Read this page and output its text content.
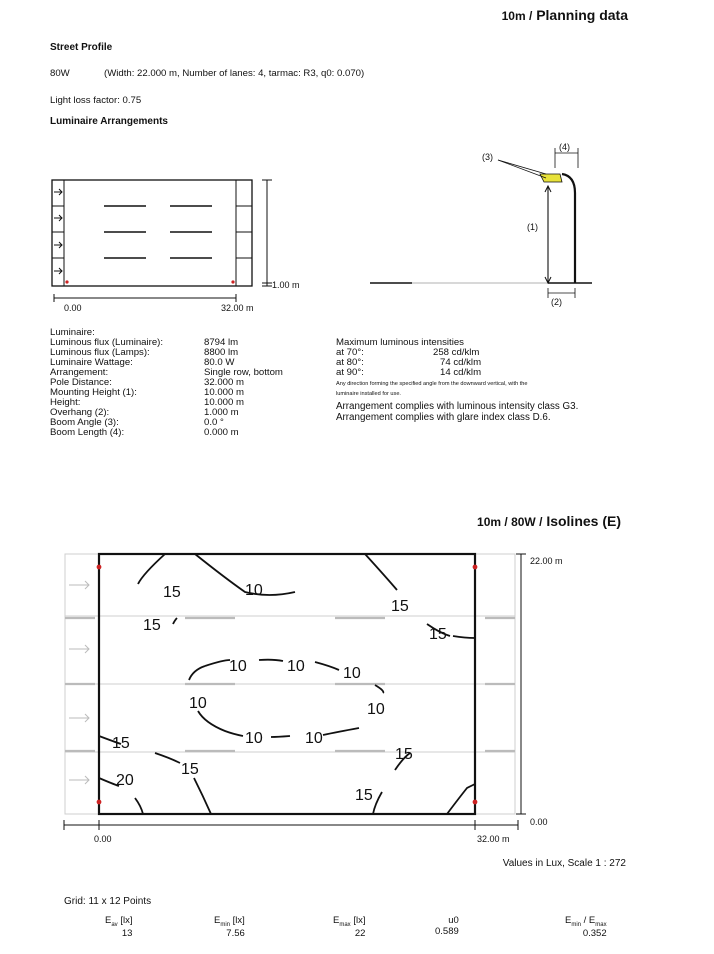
10m / Planning data
Street Profile
80W	(Width: 22.000 m, Number of lanes: 4, tarmac: R3, q0: 0.070)
Light loss factor: 0.75
Luminaire Arrangements
0.00	32.00 m
1.00 m
(3)
(4)
(1)
(2)
Luminaire:
Luminous flux (Luminaire):	8794 lm
Luminous flux (Lamps):	8800 lm
Luminaire Wattage:	80.0 W
Arrangement:	Single row, bottom
Pole Distance:	32.000 m
Mounting Height (1):	10.000 m
Height:	10.000 m
Overhang (2):	1.000 m
Boom Angle (3):	0.0 °
Boom Length (4):	0.000 m
Maximum luminous intensities
at 70°:	258 cd/klm
at 80°:	74 cd/klm
at 90°:	14 cd/klm
Any direction forming the specified angle from the downward vertical, with the
luminaire installed for use.
Arrangement complies with luminous intensity class G3.
Arrangement complies with glare index class D.6.
10m / 80W / Isolines (E)
15	10
15
15
15
10	10 10
10	10
10	10
15
15
15
20
15
22.00 m
0.00
0.00	32.00 m
Values in Lux, Scale 1 : 272
Grid: 11 x 12 Points
$E_{av}$ [lx]
13
$E_{min}$ [lx]
7.56
$E_{max}$ [lx]
22
u0
0.589
$E_{min} / E_{max}$
0.352
